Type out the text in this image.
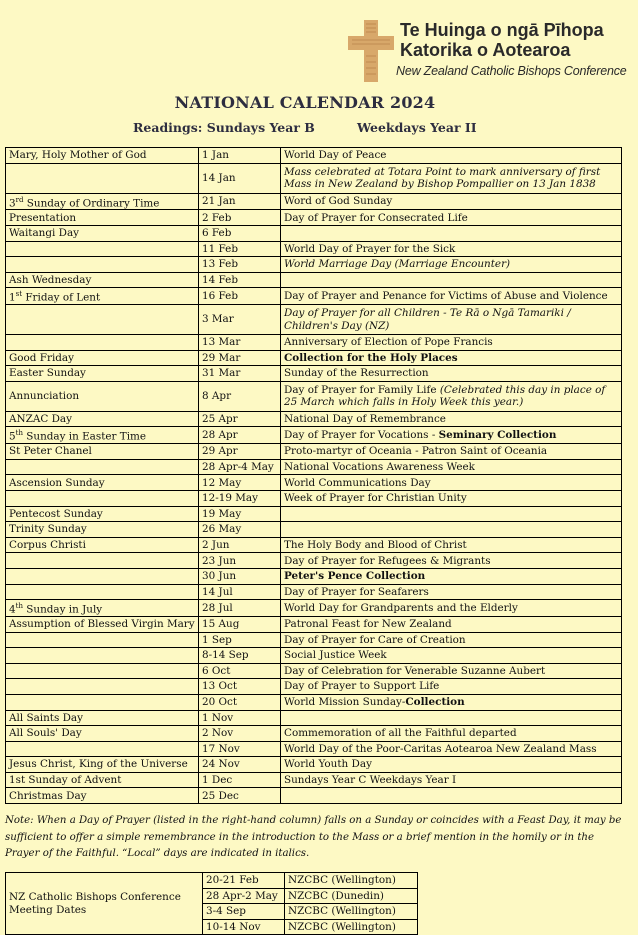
Te Huinga o ngā Pīhopa
Katorika o Aotearoa
New Zealand Catholic Bishops Conference
NATIONAL CALENDAR 2024
Readings: Sundays Year B	Weekdays Year II
Mary, Holy Mother of God	1 Jan	World Day of Peace
	14 Jan	Mass celebrated at Totara Point to mark anniversary of first Mass in New Zealand by Bishop Pompallier on 13 Jan 1838
3rd Sunday of Ordinary Time	21 Jan	Word of God Sunday
Presentation	2 Feb	Day of Prayer for Consecrated Life
Waitangi Day	6 Feb	
	11 Feb	World Day of Prayer for the Sick
	13 Feb	World Marriage Day (Marriage Encounter)
Ash Wednesday	14 Feb	
1st Friday of Lent	16 Feb	Day of Prayer and Penance for Victims of Abuse and Violence
	3 Mar	Day of Prayer for all Children - Te Rā o Ngā Tamariki / Children's Day (NZ)
	13 Mar	Anniversary of Election of Pope Francis
Good Friday	29 Mar	Collection for the Holy Places
Easter Sunday	31 Mar	Sunday of the Resurrection
Annunciation	8 Apr	Day of Prayer for Family Life (Celebrated this day in place of 25 March which falls in Holy Week this year.)
ANZAC Day	25 Apr	National Day of Remembrance
5th Sunday in Easter Time	28 Apr	Day of Prayer for Vocations - Seminary Collection
St Peter Chanel	29 Apr	Proto-martyr of Oceania - Patron Saint of Oceania
	28 Apr-4 May	National Vocations Awareness Week
Ascension Sunday	12 May	World Communications Day
	12-19 May	Week of Prayer for Christian Unity
Pentecost Sunday	19 May	
Trinity Sunday	26 May	
Corpus Christi	2 Jun	The Holy Body and Blood of Christ
	23 Jun	Day of Prayer for Refugees & Migrants
	30 Jun	Peter's Pence Collection
	14 Jul	Day of Prayer for Seafarers
4th Sunday in July	28 Jul	World Day for Grandparents and the Elderly
Assumption of Blessed Virgin Mary	15 Aug	Patronal Feast for New Zealand
	1 Sep	Day of Prayer for Care of Creation
	8-14 Sep	Social Justice Week
	6 Oct	Day of Celebration for Venerable Suzanne Aubert
	13 Oct	Day of Prayer to Support Life
	20 Oct	World Mission Sunday-Collection
All Saints Day	1 Nov	
All Souls' Day	2 Nov	Commemoration of all the Faithful departed
	17 Nov	World Day of the Poor-Caritas Aotearoa New Zealand Mass
Jesus Christ, King of the Universe	24 Nov	World Youth Day
1st Sunday of Advent	1 Dec	Sundays Year C Weekdays Year I
Christmas Day	25 Dec	
Note: When a Day of Prayer (listed in the right-hand column) falls on a Sunday or coincides with a Feast Day, it may be sufficient to offer a simple remembrance in the introduction to the Mass or a brief mention in the homily or in the Prayer of the Faithful. “Local” days are indicated in italics.
NZ Catholic Bishops Conference Meeting Dates	20-21 Feb	NZCBC (Wellington)
	28 Apr-2 May	NZCBC (Dunedin)
	3-4 Sep	NZCBC (Wellington)
	10-14 Nov	NZCBC (Wellington)
